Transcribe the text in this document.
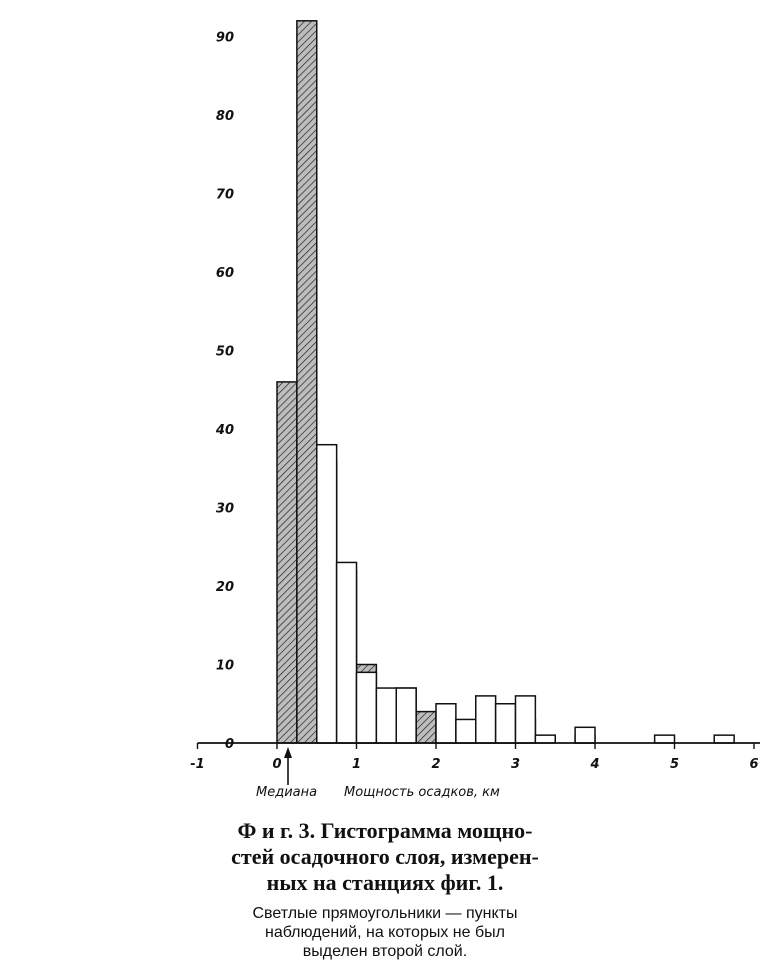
-1	0	1	2	3	4	5	6
0
10
20
30
40
50
60
70
80
90
Медиана Мощность осадков, км
Ф и г. 3. Гистограмма мощно-
стей осадочного слоя, измерен-
ных на станциях фиг. 1.
Светлые прямоугольники — пункты
наблюдений, на которых не был
выделен второй слой.
